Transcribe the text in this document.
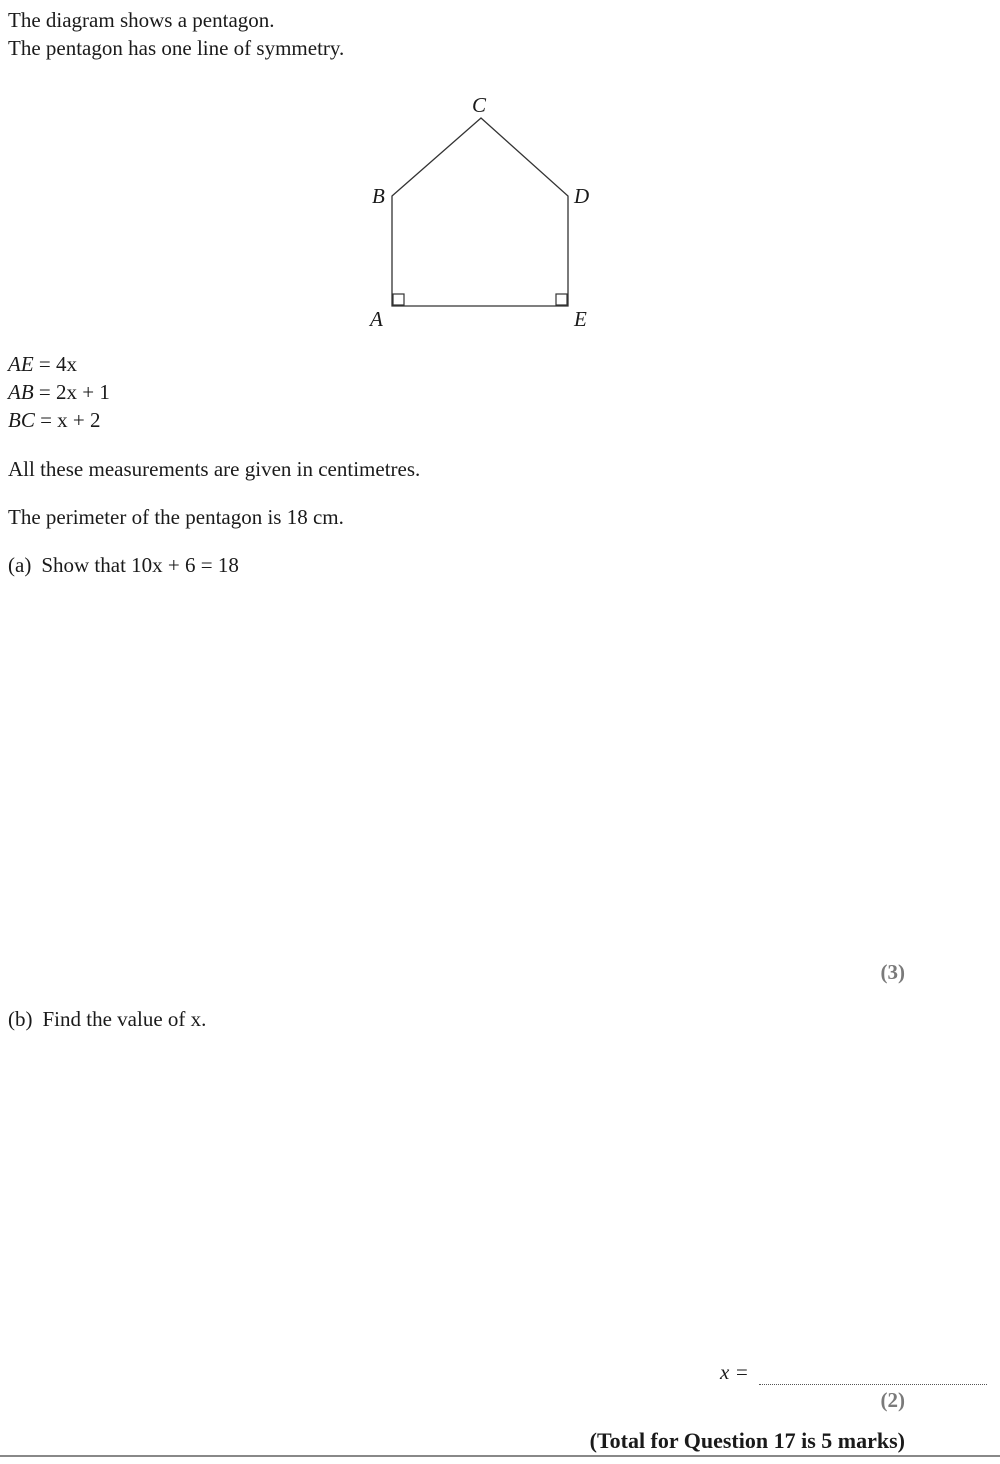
The diagram shows a pentagon.
The pentagon has one line of symmetry.
C
B	D
A	E
AE = 4x
AB = 2x + 1
BC = x + 2
All these measurements are given in centimetres.
The perimeter of the pentagon is 18 cm.
(a) Show that 10x + 6 = 18
(3)
(b) Find the value of x.
x =
(2)
(Total for Question 17 is 5 marks)
